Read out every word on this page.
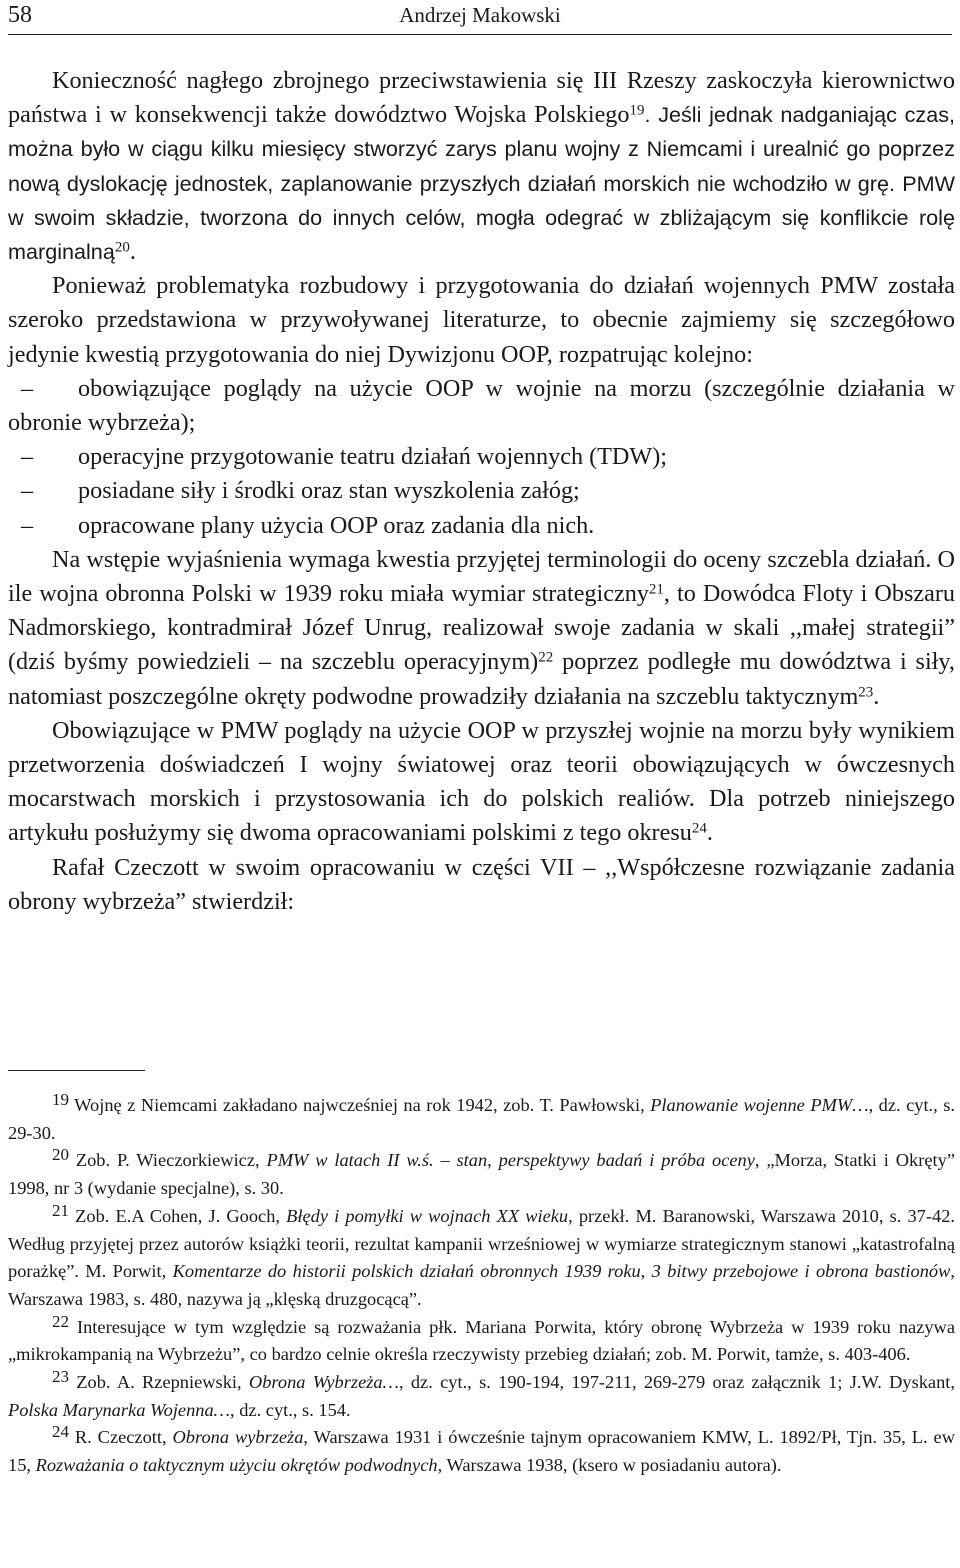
58	Andrzej Makowski

Konieczność nagłego zbrojnego przeciwstawienia się III Rzeszy zaskoczyła kierownictwo państwa i w konsekwencji także dowództwo Wojska Polskiego$^{19}$. Jeśli jednak nadganiając czas, można było w ciągu kilku miesięcy stworzyć zarys planu wojny z Niemcami i urealnić go poprzez nową dyslokację jednostek, zaplanowanie przyszłych działań morskich nie wchodziło w grę. PMW w swoim składzie, tworzona do innych celów, mogła odegrać w zbliżającym się konflikcie rolę marginalną$^{20}$.

Ponieważ problematyka rozbudowy i przygotowania do działań wojennych PMW została szeroko przedstawiona w przywoływanej literaturze, to obecnie zajmiemy się szczegółowo jedynie kwestią przygotowania do niej Dywizjonu OOP, rozpatrując kolejno:

–	obowiązujące poglądy na użycie OOP w wojnie na morzu (szczególnie działania w obronie wybrzeża);
–	operacyjne przygotowanie teatru działań wojennych (TDW);
–	posiadane siły i środki oraz stan wyszkolenia załóg;
–	opracowane plany użycia OOP oraz zadania dla nich.

Na wstępie wyjaśnienia wymaga kwestia przyjętej terminologii do oceny szczebla działań. O ile wojna obronna Polski w 1939 roku miała wymiar strategiczny$^{21}$, to Dowódca Floty i Obszaru Nadmorskiego, kontradmirał Józef Unrug, realizował swoje zadania w skali ,,małej strategii” (dziś byśmy powiedzieli – na szczeblu operacyjnym)$^{22}$ poprzez podległe mu dowództwa i siły, natomiast poszczególne okręty podwodne prowadziły działania na szczeblu taktycznym$^{23}$.

Obowiązujące w PMW poglądy na użycie OOP w przyszłej wojnie na morzu były wynikiem przetworzenia doświadczeń I wojny światowej oraz teorii obowiązujących w ówczesnych mocarstwach morskich i przystosowania ich do polskich realiów. Dla potrzeb niniejszego artykułu posłużymy się dwoma opracowaniami polskimi z tego okresu$^{24}$.

Rafał Czeczott w swoim opracowaniu w części VII – ,,Współczesne rozwiązanie zadania obrony wybrzeża” stwierdził:

19 Wojnę z Niemcami zakładano najwcześniej na rok 1942, zob. T. Pawłowski, Planowanie wojenne PMW…, dz. cyt., s. 29-30.

20 Zob. P. Wieczorkiewicz, PMW w latach II w.ś. – stan, perspektywy badań i próba oceny, „Morza, Statki i Okręty” 1998, nr 3 (wydanie specjalne), s. 30.

21 Zob. E.A Cohen, J. Gooch, Błędy i pomyłki w wojnach XX wieku, przekł. M. Baranowski, Warszawa 2010, s. 37-42. Według przyjętej przez autorów książki teorii, rezultat kampanii wrześniowej w wymiarze strategicznym stanowi „katastrofalną porażkę”. M. Porwit, Komentarze do historii polskich działań obronnych 1939 roku, 3 bitwy przebojowe i obrona bastionów, Warszawa 1983, s. 480, nazywa ją „klęską druzgocącą”.

22 Interesujące w tym względzie są rozważania płk. Mariana Porwita, który obronę Wybrzeża w 1939 roku nazywa „mikrokampanią na Wybrzeżu”, co bardzo celnie określa rzeczywisty przebieg działań; zob. M. Porwit, tamże, s. 403-406.

23 Zob. A. Rzepniewski, Obrona Wybrzeża…, dz. cyt., s. 190-194, 197-211, 269-279 oraz załącznik 1; J.W. Dyskant, Polska Marynarka Wojenna…, dz. cyt., s. 154.

24 R. Czeczott, Obrona wybrzeża, Warszawa 1931 i ówcześnie tajnym opracowaniem KMW, L. 1892/Pł, Tjn. 35, L. ew 15, Rozważania o taktycznym użyciu okrętów podwodnych, Warszawa 1938, (ksero w posiadaniu autora).
